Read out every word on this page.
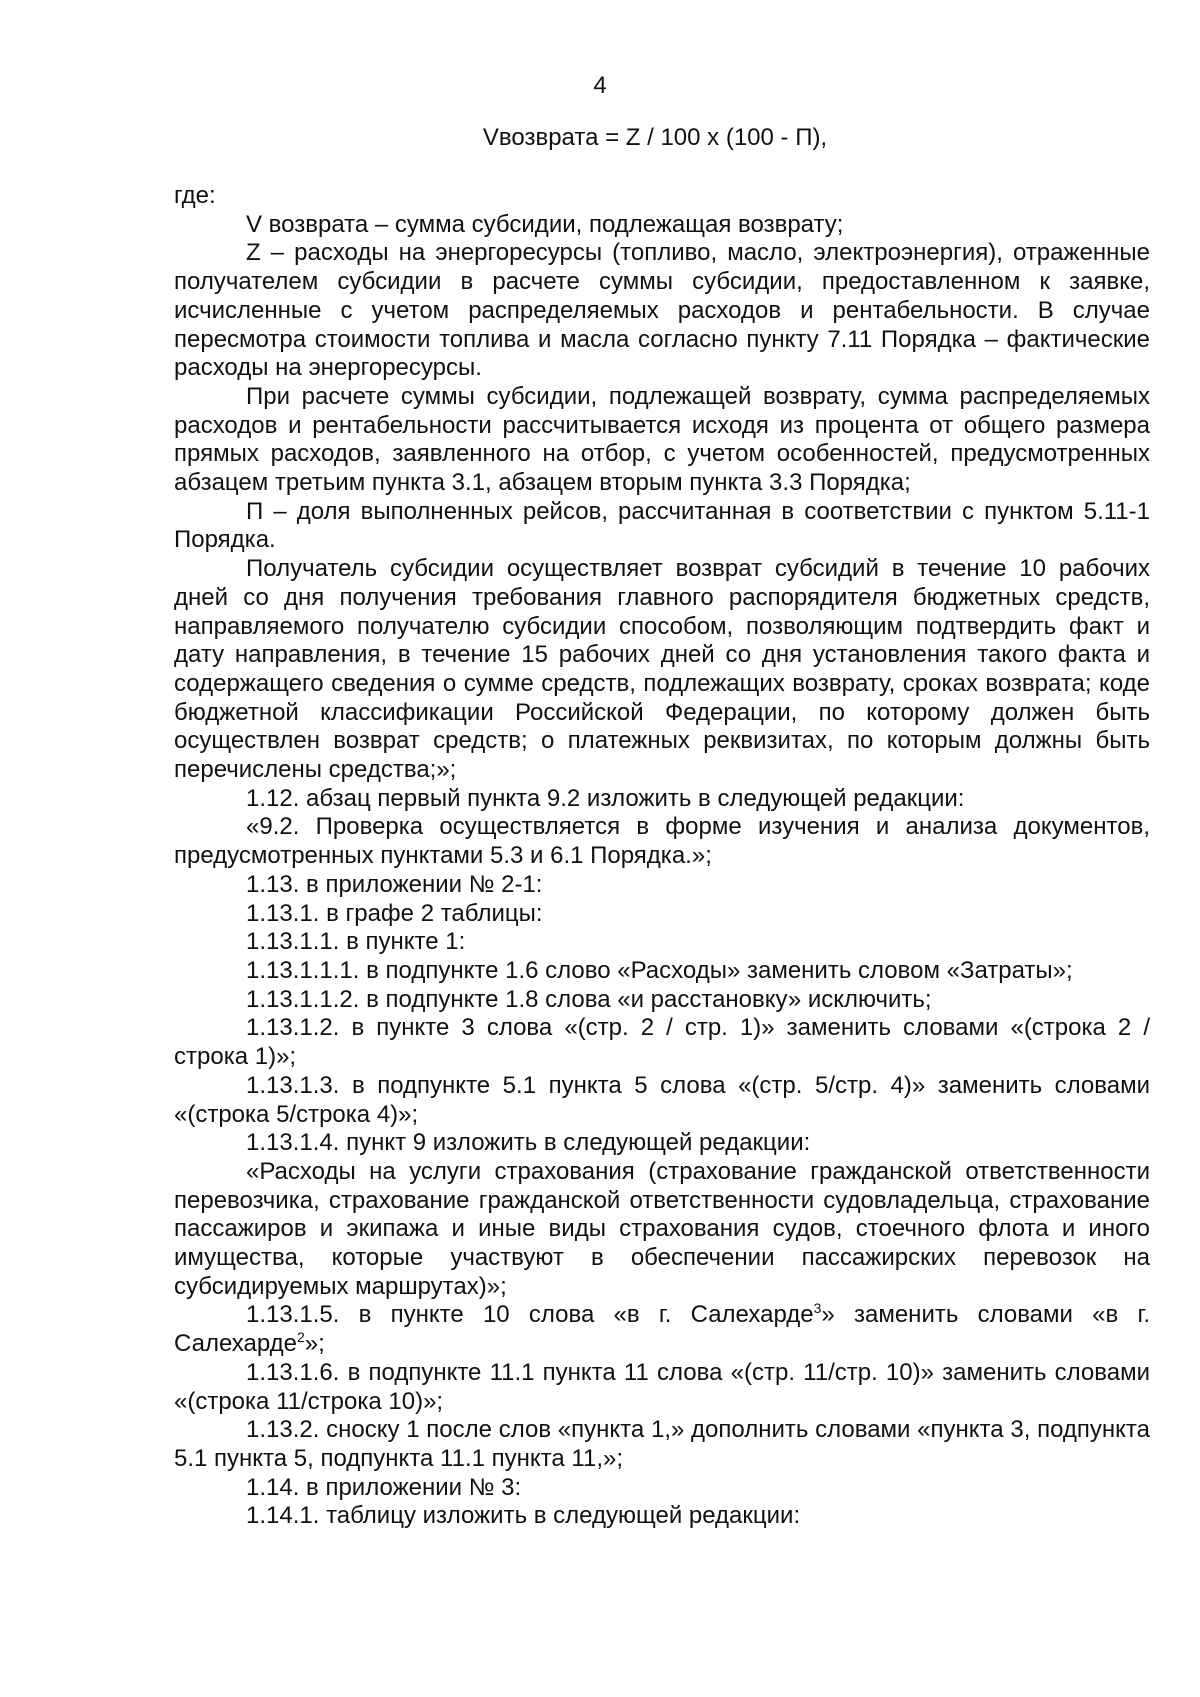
4
Vвозврата = Z / 100 х (100 - П),

где:

V возврата – сумма субсидии, подлежащая возврату;

Z – расходы на энергоресурсы (топливо, масло, электроэнергия), отраженные получателем субсидии в расчете суммы субсидии, предоставленном к заявке, исчисленные с учетом распределяемых расходов и рентабельности. В случае пересмотра стоимости топлива и масла согласно пункту 7.11 Порядка – фактические расходы на энергоресурсы.

При расчете суммы субсидии, подлежащей возврату, сумма распределяемых расходов и рентабельности рассчитывается исходя из процента от общего размера прямых расходов, заявленного на отбор, с учетом особенностей, предусмотренных абзацем третьим пункта 3.1, абзацем вторым пункта 3.3 Порядка;

П – доля выполненных рейсов, рассчитанная в соответствии с пунктом 5.11-1 Порядка.

Получатель субсидии осуществляет возврат субсидий в течение 10 рабочих дней со дня получения требования главного распорядителя бюджетных средств, направляемого получателю субсидии способом, позволяющим подтвердить факт и дату направления, в течение 15 рабочих дней со дня установления такого факта и содержащего сведения о сумме средств, подлежащих возврату, сроках возврата; коде бюджетной классификации Российской Федерации, по которому должен быть осуществлен возврат средств; о платежных реквизитах, по которым должны быть перечислены средства;»;

1.12. абзац первый пункта 9.2 изложить в следующей редакции:

«9.2. Проверка осуществляется в форме изучения и анализа документов, предусмотренных пунктами 5.3 и 6.1 Порядка.»;

1.13. в приложении № 2-1:

1.13.1. в графе 2 таблицы:

1.13.1.1. в пункте 1:

1.13.1.1.1. в подпункте 1.6 слово «Расходы» заменить словом «Затраты»;

1.13.1.1.2. в подпункте 1.8 слова «и расстановку» исключить;

1.13.1.2. в пункте 3 слова «(стр. 2 / стр. 1)» заменить словами «(строка 2 / строка 1)»;

1.13.1.3. в подпункте 5.1 пункта 5 слова «(стр. 5/стр. 4)» заменить словами «(строка 5/строка 4)»;

1.13.1.4. пункт 9 изложить в следующей редакции:

«Расходы на услуги страхования (страхование гражданской ответственности перевозчика, страхование гражданской ответственности судовладельца, страхование пассажиров и экипажа и иные виды страхования судов, стоечного флота и иного имущества, которые участвуют в обеспечении пассажирских перевозок на субсидируемых маршрутах)»;

1.13.1.5. в пункте 10 слова «в г. Салехарде$^3$» заменить словами «в г. Салехарде$^2$»;

1.13.1.6. в подпункте 11.1 пункта 11 слова «(стр. 11/стр. 10)» заменить словами «(строка 11/строка 10)»;

1.13.2. сноску 1 после слов «пункта 1,» дополнить словами «пункта 3, подпункта 5.1 пункта 5, подпункта 11.1 пункта 11,»;

1.14. в приложении № 3:

1.14.1. таблицу изложить в следующей редакции:
